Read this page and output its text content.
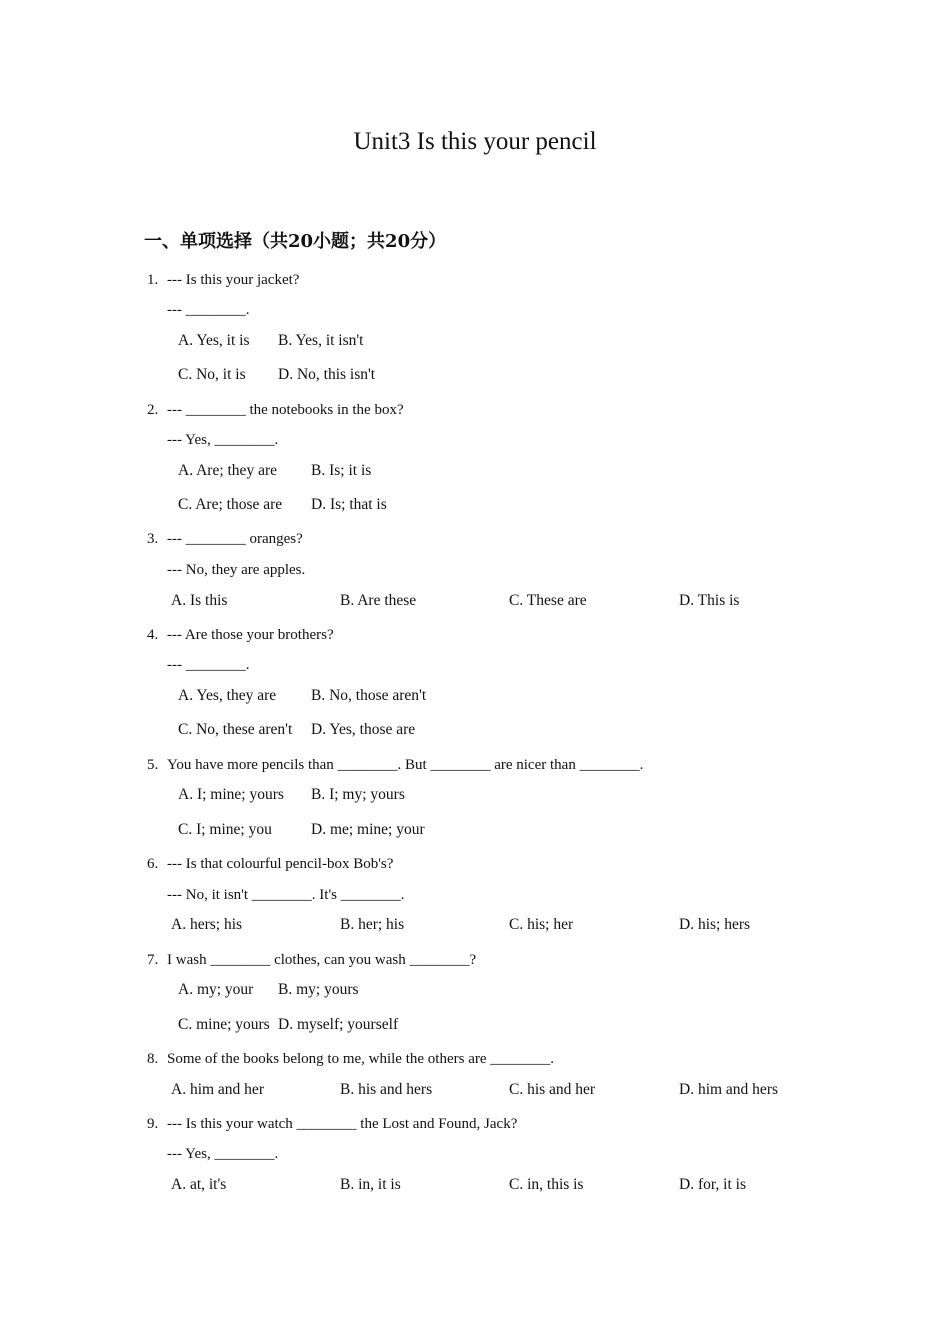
Unit3 Is this your pencil
一、单项选择（共20小题；共20分）
1. --- Is this your jacket?
--- ________.
A. Yes, it is B. Yes, it isn't
C. No, it is D. No, this isn't
2. --- ________ the notebooks in the box?
--- Yes, ________.
A. Are; they are B. Is; it is
C. Are; those are D. Is; that is
3. --- ________ oranges?
--- No, they are apples.
A. Is this	B. Are these	C. These are	D. This is
4. --- Are those your brothers?
--- ________.
A. Yes, they are B. No, those aren't
C. No, these aren't D. Yes, those are
5. You have more pencils than ________. But ________ are nicer than ________.
A. I; mine; yours B. I; my; yours
C. I; mine; you	D. me; mine; your
6. --- Is that colourful pencil-box Bob's?
--- No, it isn't ________. It's ________.
A. hers; his	B. her; his	C. his; her	D. his; hers
7. I wash ________ clothes, can you wash ________?
A. my; your B. my; yours
C. mine; yours D. myself; yourself
8. Some of the books belong to me, while the others are ________.
A. him and her	B. his and hers	C. his and her	D. him and hers
9. --- Is this your watch ________ the Lost and Found, Jack?
--- Yes, ________.
A. at, it's	B. in, it is	C. in, this is	D. for, it is
